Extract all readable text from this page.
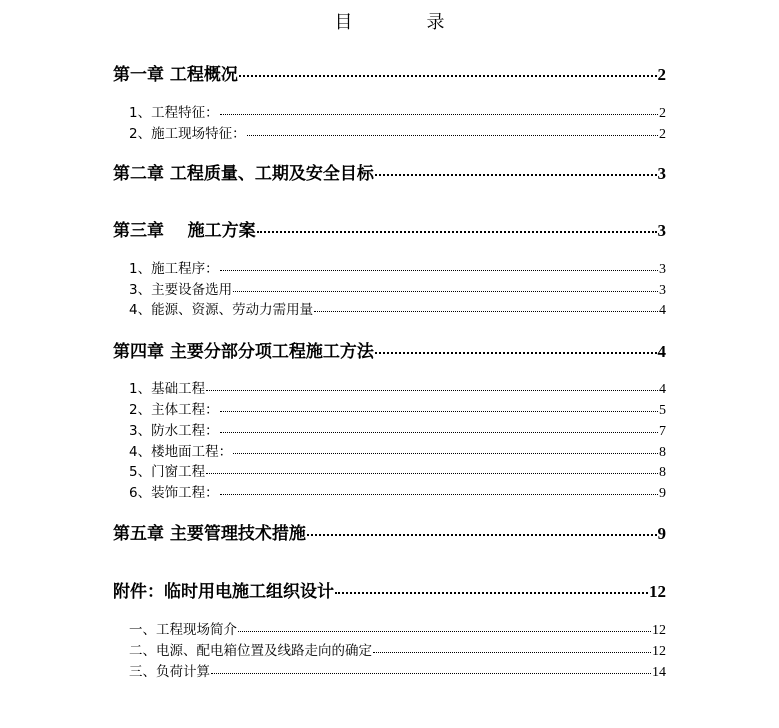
目	录
第一章 工程概况	2
1、工程特征：	2
2、施工现场特征：	2
第二章 工程质量、工期及安全目标	3
第三章    施工方案	3
1、施工程序：	3
3、主要设备选用	3
4、能源、资源、劳动力需用量	4
第四章 主要分部分项工程施工方法	4
1、基础工程	4
2、主体工程：	5
3、防水工程：	7
4、楼地面工程：	8
5、门窗工程	8
6、装饰工程：	9
第五章 主要管理技术措施	9
附件：临时用电施工组织设计	12
一、工程现场简介	12
二、电源、配电箱位置及线路走向的确定	12
三、负荷计算	14
